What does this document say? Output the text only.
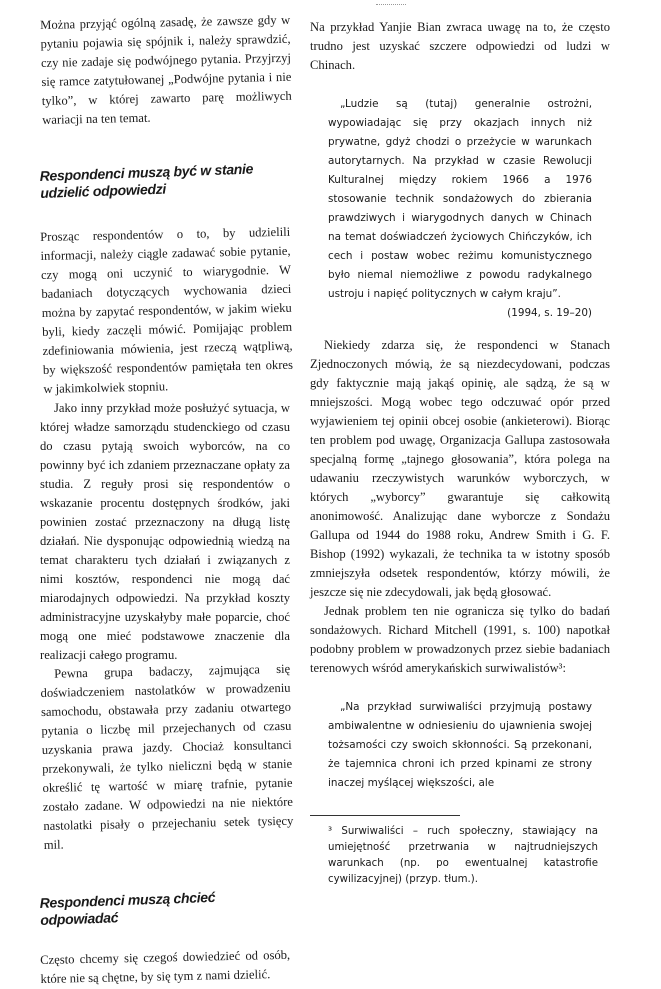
Można przyjąć ogólną zasadę, że zawsze gdy w pytaniu pojawia się spójnik i, należy sprawdzić, czy nie zadaje się podwójnego pytania. Przyjrzyj się ramce zatytułowanej „Podwójne pytania i nie tylko”, w której zawarto parę możliwych wariacji na ten temat.

Respondenci muszą być w stanie udzielić odpowiedzi

Prosząc respondentów o to, by udzielili informacji, należy ciągle zadawać sobie pytanie, czy mogą oni uczynić to wiarygodnie. W badaniach dotyczących wychowania dzieci można by zapytać respondentów, w jakim wieku byli, kiedy zaczęli mówić. Pomijając problem zdefiniowania mówienia, jest rzeczą wątpliwą, by większość respondentów pamiętała ten okres w jakimkolwiek stopniu.

Jako inny przykład może posłużyć sytuacja, w której władze samorządu studenckiego od czasu do czasu pytają swoich wyborców, na co powinny być ich zdaniem przeznaczane opłaty za studia. Z reguły prosi się respondentów o wskazanie procentu dostępnych środków, jaki powinien zostać przeznaczony na długą listę działań. Nie dysponując odpowiednią wiedzą na temat charakteru tych działań i związanych z nimi kosztów, respondenci nie mogą dać miarodajnych odpowiedzi. Na przykład koszty administracyjne uzyskałyby małe poparcie, choć mogą one mieć podstawowe znaczenie dla realizacji całego programu.

Pewna grupa badaczy, zajmująca się doświadczeniem nastolatków w prowadzeniu samochodu, obstawała przy zadaniu otwartego pytania o liczbę mil przejechanych od czasu uzyskania prawa jazdy. Chociaż konsultanci przekonywali, że tylko nieliczni będą w stanie określić tę wartość w miarę trafnie, pytanie zostało zadane. W odpowiedzi na nie niektóre nastolatki pisały o przejechaniu setek tysięcy mil.

Respondenci muszą chcieć odpowiadać

Często chcemy się czegoś dowiedzieć od osób, które nie są chętne, by się tym z nami dzielić.

Na przykład Yanjie Bian zwraca uwagę na to, że często trudno jest uzyskać szczere odpowiedzi od ludzi w Chinach.

„Ludzie są (tutaj) generalnie ostrożni, wypowiadając się przy okazjach innych niż prywatne, gdyż chodzi o przeżycie w warunkach autorytarnych. Na przykład w czasie Rewolucji Kulturalnej między rokiem 1966 a 1976 stosowanie technik sondażowych do zbierania prawdziwych i wiarygodnych danych w Chinach na temat doświadczeń życiowych Chińczyków, ich cech i postaw wobec reżimu komunistycznego było niemal niemożliwe z powodu radykalnego ustroju i napięć politycznych w całym kraju”.

(1994, s. 19–20)

Niekiedy zdarza się, że respondenci w Stanach Zjednoczonych mówią, że są niezdecydowani, podczas gdy faktycznie mają jakąś opinię, ale sądzą, że są w mniejszości. Mogą wobec tego odczuwać opór przed wyjawieniem tej opinii obcej osobie (ankieterowi). Biorąc ten problem pod uwagę, Organizacja Gallupa zastosowała specjalną formę „tajnego głosowania”, która polega na udawaniu rzeczywistych warunków wyborczych, w których „wyborcy” gwarantuje się całkowitą anonimowość. Analizując dane wyborcze z Sondażu Gallupa od 1944 do 1988 roku, Andrew Smith i G. F. Bishop (1992) wykazali, że technika ta w istotny sposób zmniejszyła odsetek respondentów, którzy mówili, że jeszcze się nie zdecydowali, jak będą głosować.

Jednak problem ten nie ogranicza się tylko do badań sondażowych. Richard Mitchell (1991, s. 100) napotkał podobny problem w prowadzonych przez siebie badaniach terenowych wśród amerykańskich surwiwalistów³:

„Na przykład surwiwaliści przyjmują postawy ambiwalentne w odniesieniu do ujawnienia swojej tożsamości czy swoich skłonności. Są przekonani, że tajemnica chroni ich przed kpinami ze strony inaczej myślącej większości, ale

³ Surwiwaliści – ruch społeczny, stawiający na umiejętność przetrwania w najtrudniejszych warunkach (np. po ewentualnej katastrofie cywilizacyjnej) (przyp. tłum.).
